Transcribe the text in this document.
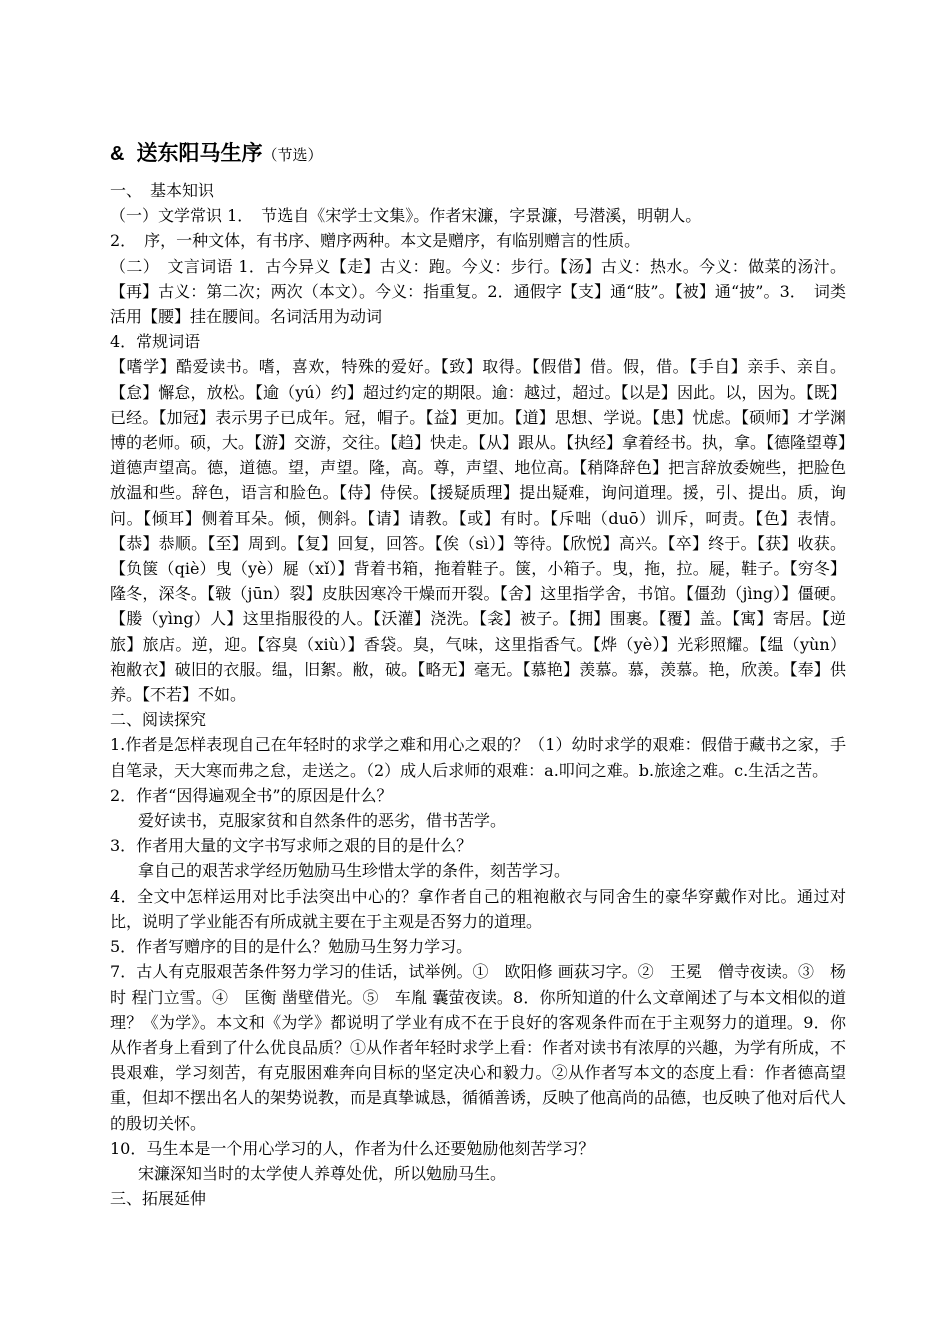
& 送东阳马生序（节选）

一、　基本知识

（一）文学常识 1．　节选自《宋学士文集》。作者宋濂，字景濂，号潜溪，明朝人。

2．　序，一种文体，有书序、赠序两种。本文是赠序，有临别赠言的性质。

（二）　文言词语 1．古今异义【走】古义：跑。今义：步行。【汤】古义：热水。今义：做菜的汤汁。【再】古义：第二次；两次（本文）。今义：指重复。2．通假字【支】通“肢”。【被】通“披”。3．　词类活用【腰】挂在腰间。名词活用为动词

4．常规词语

【嗜学】酷爱读书。嗜，喜欢，特殊的爱好。【致】取得。【假借】借。假，借。【手自】亲手、亲自。【怠】懈怠，放松。【逾（yú）约】超过约定的期限。逾：越过，超过。【以是】因此。以，因为。【既】已经。【加冠】表示男子已成年。冠，帽子。【益】更加。【道】思想、学说。【患】忧虑。【硕师】才学渊博的老师。硕，大。【游】交游，交往。【趋】快走。【从】跟从。【执经】拿着经书。执，拿。【德隆望尊】道德声望高。德，道德。望，声望。隆，高。尊，声望、地位高。【稍降辞色】把言辞放委婉些，把脸色放温和些。辞色，语言和脸色。【侍】侍侯。【援疑质理】提出疑难，询问道理。援，引、提出。质，询问。【倾耳】侧着耳朵。倾，侧斜。【请】请教。【或】有时。【斥咄（duō）训斥，呵责。【色】表情。【恭】恭顺。【至】周到。【复】回复，回答。【俟（sì）】等待。【欣悦】高兴。【卒】终于。【获】收获。【负箧（qiè）曳（yè）屣（xǐ）】背着书箱，拖着鞋子。箧，小箱子。曳，拖，拉。屣，鞋子。【穷冬】隆冬，深冬。【皲（jūn）裂】皮肤因寒冷干燥而开裂。【舍】这里指学舍，书馆。【僵劲（jìng）】僵硬。【媵（yìng）人】这里指服役的人。【沃灌】浇洗。【衾】被子。【拥】围裹。【覆】盖。【寓】寄居。【逆旅】旅店。逆，迎。【容臭（xiù）】香袋。臭，气味，这里指香气。【烨（yè）】光彩照耀。【缊（yùn）袍敝衣】破旧的衣服。缊，旧絮。敝，破。【略无】毫无。【慕艳】羡慕。慕，羡慕。艳，欣羡。【奉】供养。【不若】不如。

二、阅读探究

1.作者是怎样表现自己在年轻时的求学之难和用心之艰的？（1）幼时求学的艰难：假借于藏书之家，手自笔录，天大寒而弗之怠，走送之。（2）成人后求师的艰难：a.叩问之难。b.旅途之难。c.生活之苦。

2．作者“因得遍观全书”的原因是什么？

爱好读书，克服家贫和自然条件的恶劣，借书苦学。

3．作者用大量的文字书写求师之艰的目的是什么？

拿自己的艰苦求学经历勉励马生珍惜太学的条件，刻苦学习。

4．全文中怎样运用对比手法突出中心的？拿作者自己的粗袍敝衣与同舍生的豪华穿戴作对比。通过对比，说明了学业能否有所成就主要在于主观是否努力的道理。

5．作者写赠序的目的是什么？勉励马生努力学习。

7．古人有克服艰苦条件努力学习的佳话，试举例。①　欧阳修 画荻习字。②　王冕　僧寺夜读。③　杨时 程门立雪。④　匡衡 凿壁借光。⑤　车胤 囊萤夜读。8．你所知道的什么文章阐述了与本文相似的道理？《为学》。本文和《为学》都说明了学业有成不在于良好的客观条件而在于主观努力的道理。9．你从作者身上看到了什么优良品质？①从作者年轻时求学上看：作者对读书有浓厚的兴趣，为学有所成，不畏艰难，学习刻苦，有克服困难奔向目标的坚定决心和毅力。②从作者写本文的态度上看：作者德高望重，但却不摆出名人的架势说教，而是真挚诚恳，循循善诱，反映了他高尚的品德，也反映了他对后代人的殷切关怀。

10．马生本是一个用心学习的人，作者为什么还要勉励他刻苦学习？

宋濂深知当时的太学使人养尊处优，所以勉励马生。

三、拓展延伸
